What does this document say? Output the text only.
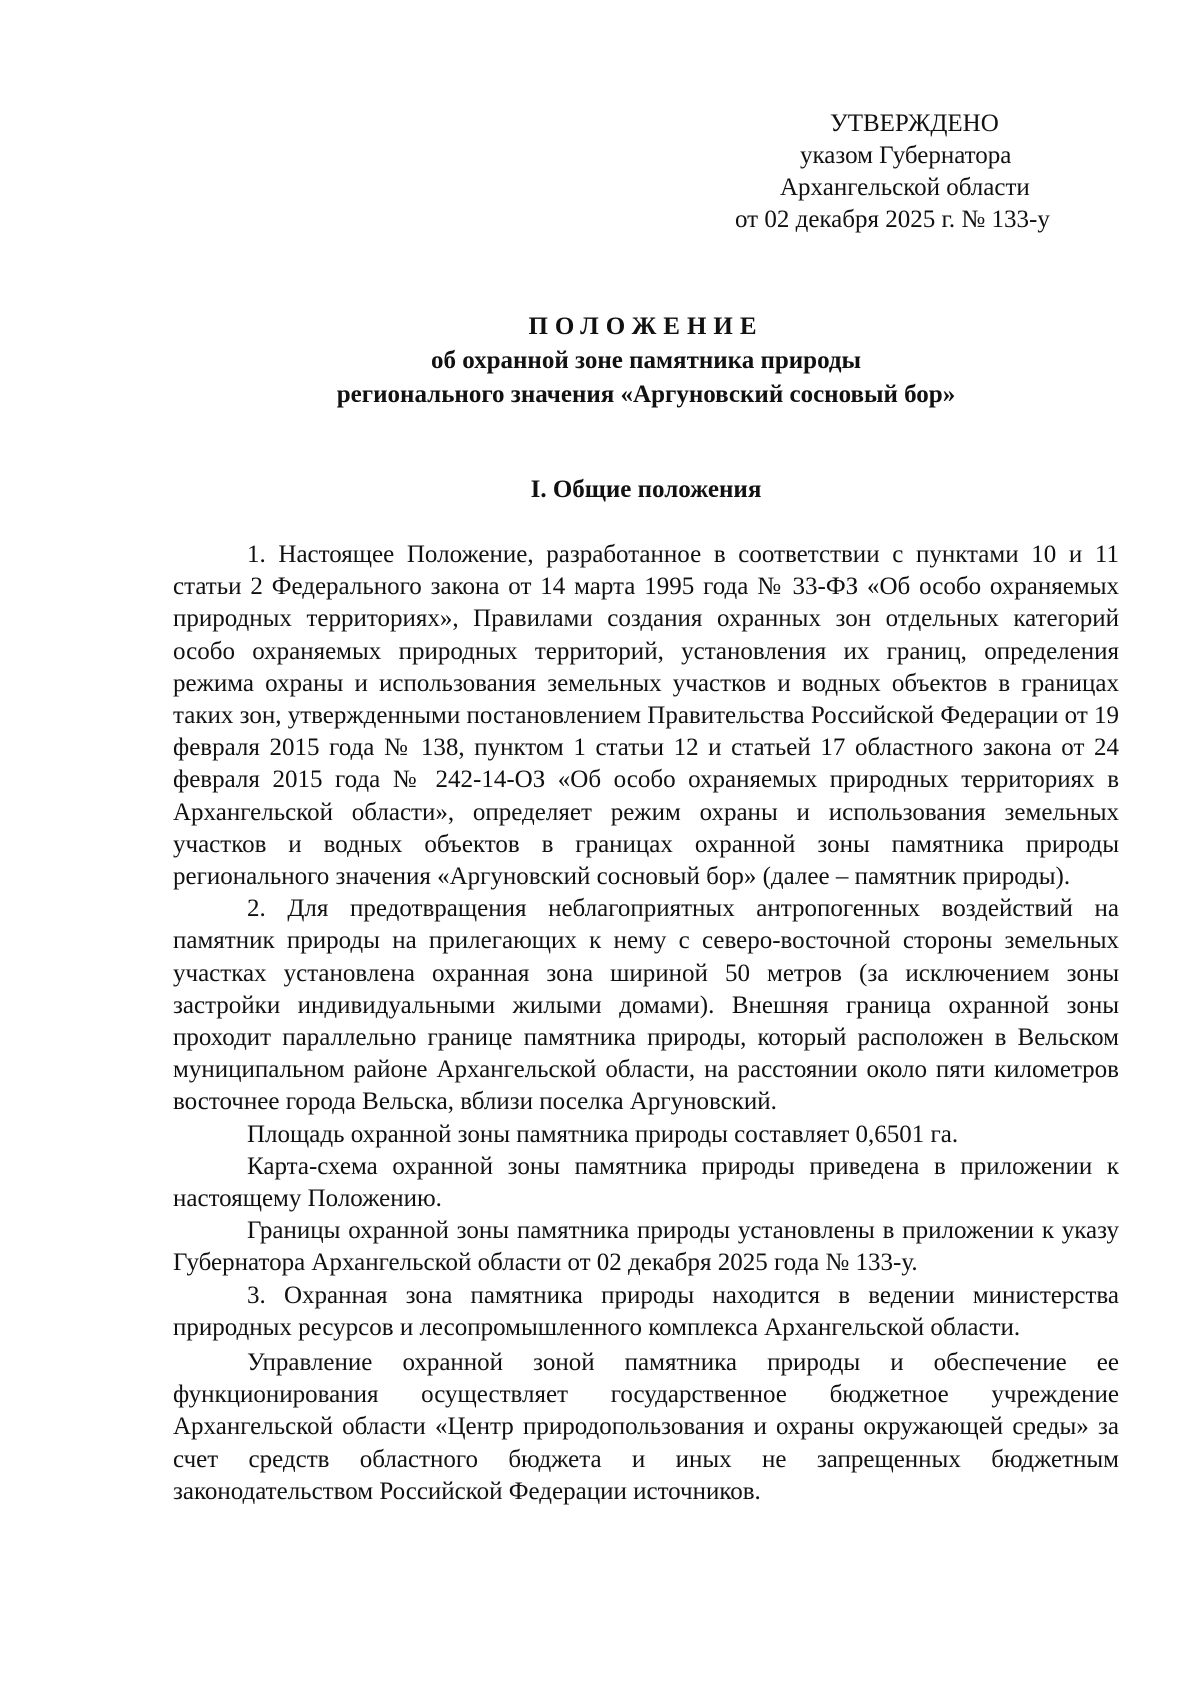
УТВЕРЖДЕНО
указом Губернатора
Архангельской области
от 02 декабря 2025 г. № 133-у
ПОЛОЖЕНИЕ
об охранной зоне памятника природы
регионального значения «Аргуновский сосновый бор»
I. Общие положения

1. Настоящее Положение, разработанное в соответствии с пунктами 10 и 11 статьи 2 Федерального закона от 14 марта 1995 года № 33-ФЗ «Об особо охраняемых природных территориях», Правилами создания охранных зон отдельных категорий особо охраняемых природных территорий, установления их границ, определения режима охраны и использования земельных участков и водных объектов в границах таких зон, утвержденными постановлением Правительства Российской Федерации от 19 февраля 2015 года № 138, пунктом 1 статьи 12 и статьей 17 областного закона от 24 февраля 2015 года № 242-14-ОЗ «Об особо охраняемых природных территориях в Архангельской области», определяет режим охраны и использования земельных участков и водных объектов в границах охранной зоны памятника природы регионального значения «Аргуновский сосновый бор» (далее – памятник природы).

2. Для предотвращения неблагоприятных антропогенных воздействий на памятник природы на прилегающих к нему с северо-восточной стороны земельных участках установлена охранная зона шириной 50 метров (за исключением зоны застройки индивидуальными жилыми домами). Внешняя граница охранной зоны проходит параллельно границе памятника природы, который расположен в Вельском муниципальном районе Архангельской области, на расстоянии около пяти километров восточнее города Вельска, вблизи поселка Аргуновский.

Площадь охранной зоны памятника природы составляет 0,6501 га.

Карта-схема охранной зоны памятника природы приведена в приложении к настоящему Положению.

Границы охранной зоны памятника природы установлены в приложении к указу Губернатора Архангельской области от 02 декабря 2025 года № 133-у.

3. Охранная зона памятника природы находится в ведении министерства природных ресурсов и лесопромышленного комплекса Архангельской области.

Управление охранной зоной памятника природы и обеспечение ее функционирования осуществляет государственное бюджетное учреждение Архангельской области «Центр природопользования и охраны окружающей среды» за счет средств областного бюджета и иных не запрещенных бюджетным законодательством Российской Федерации источников.
